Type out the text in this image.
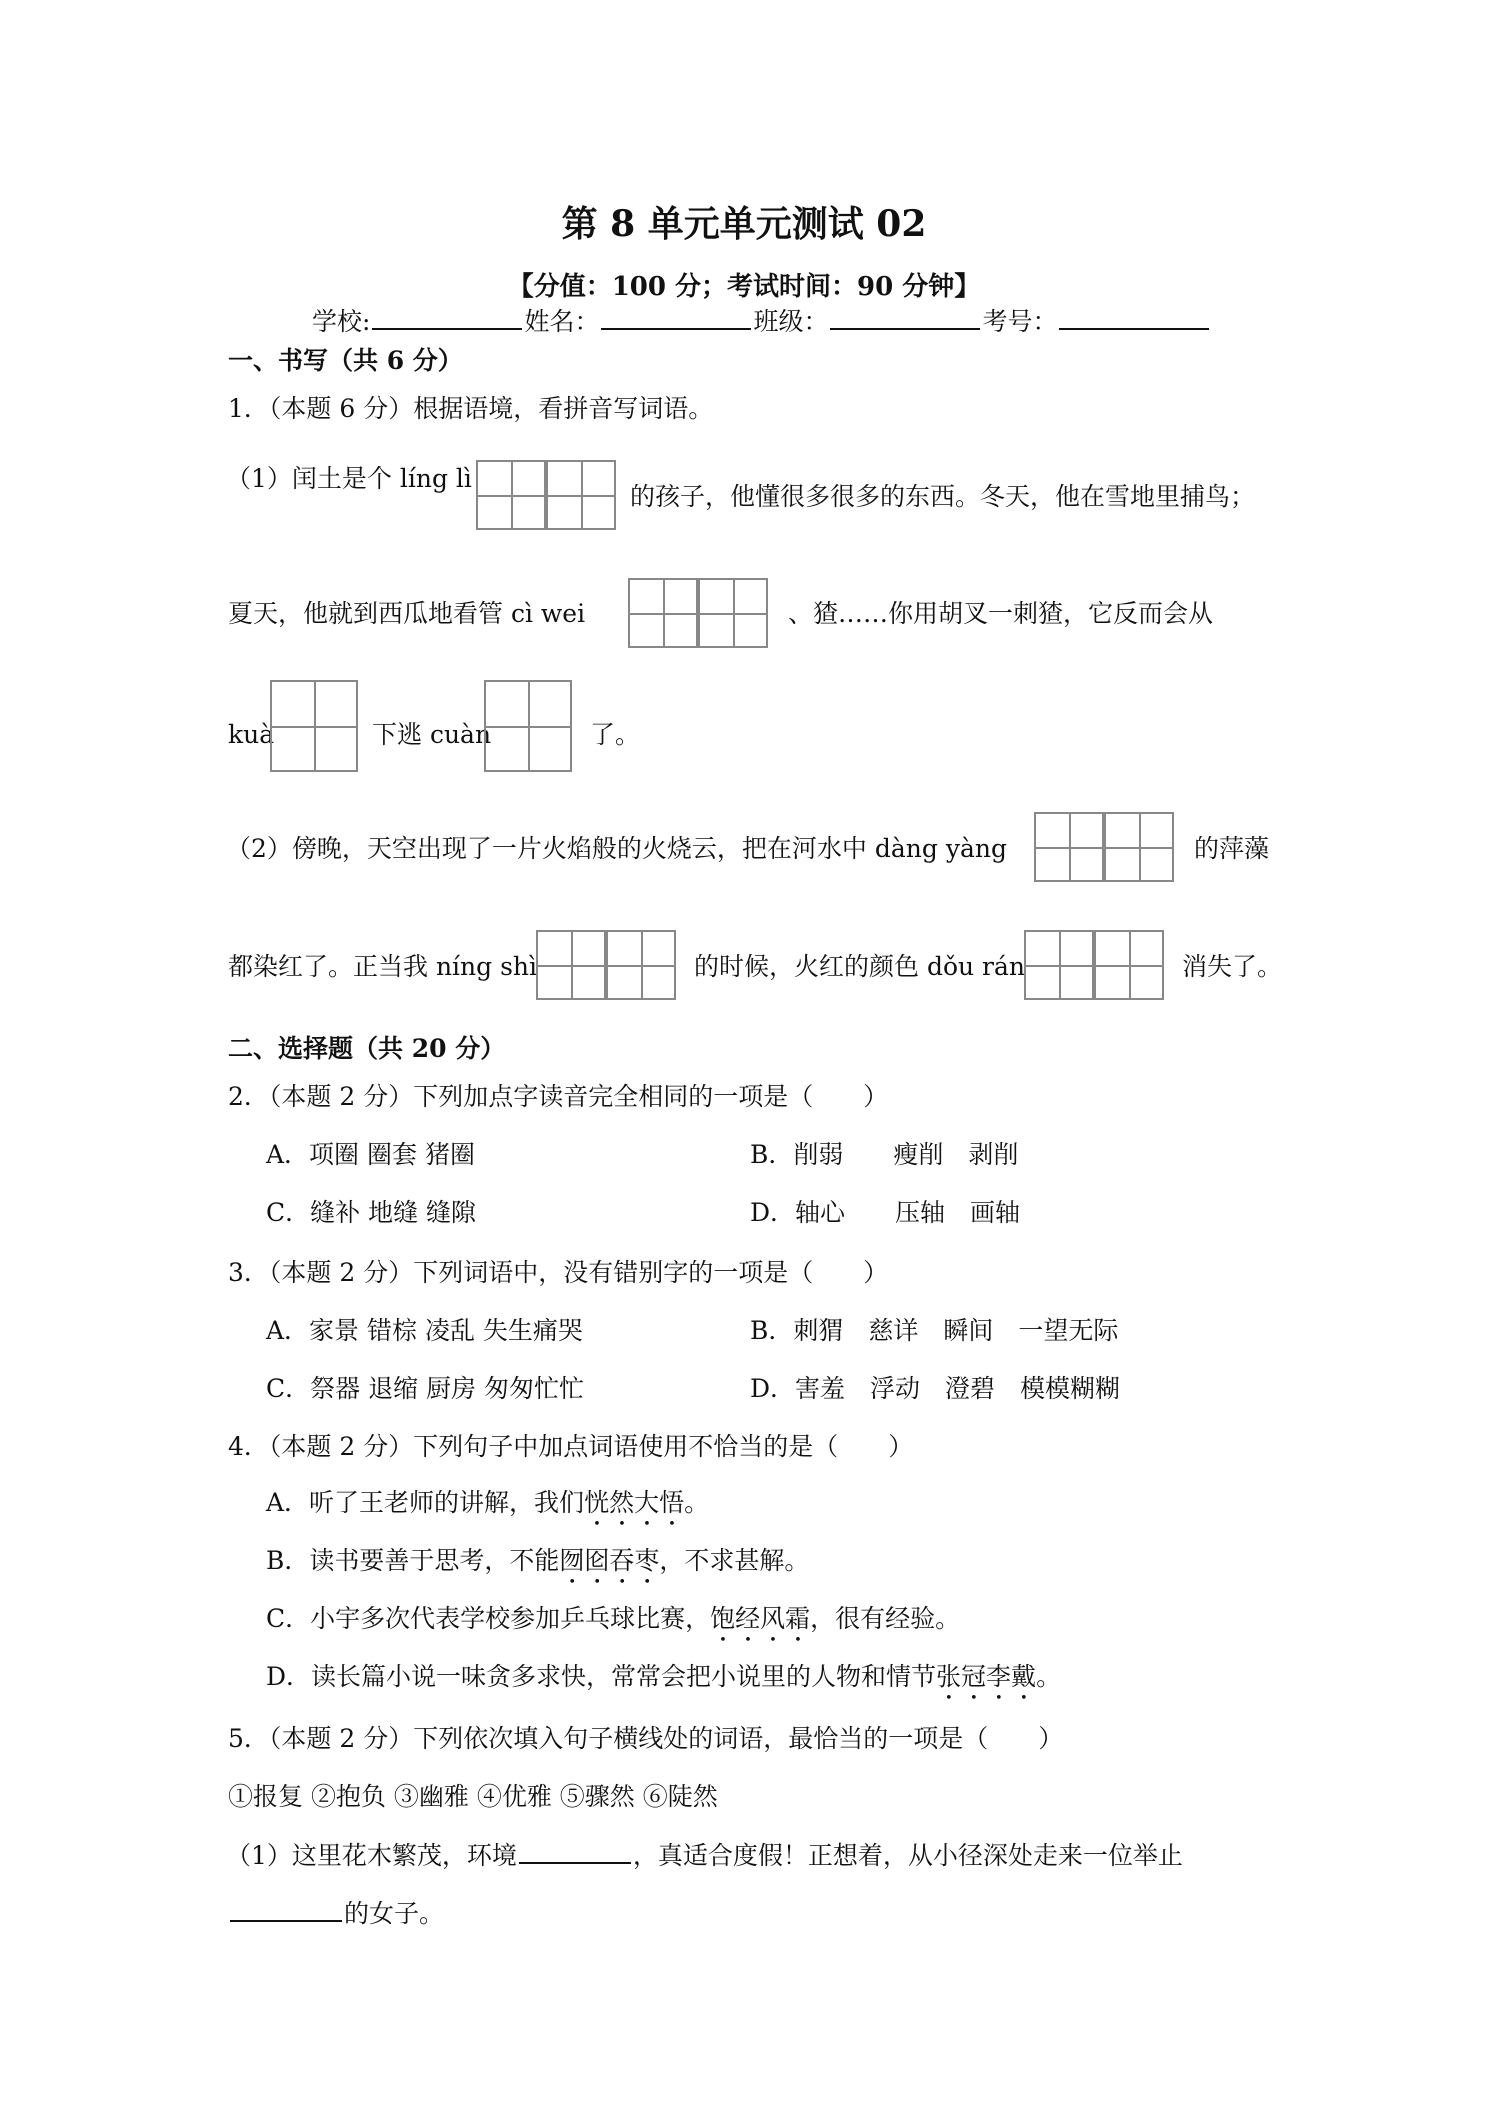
第 8 单元单元测试 02
【分值：100 分；考试时间：90 分钟】
学校:	姓名：	班级：	考号：
一、书写（共 6 分）
1．（本题 6 分）根据语境，看拼音写词语。
（1）闰土是个 líng lì
的孩子，他懂很多很多的东西。冬天，他在雪地里捕鸟；
夏天，他就到西瓜地看管 cì wei	、猹……你用胡叉一刺猹，它反而会从
kuà	下逃 cuàn	了。
（2）傍晚，天空出现了一片火焰般的火烧云，把在河水中 dàng yàng	的萍藻
都染红了。正当我 níng shì	的时候，火红的颜色 dǒu rán	消失了。
二、选择题（共 20 分）
2．（本题 2 分）下列加点字读音完全相同的一项是（　　）
A．项圈 圈套 猪圈	B．削弱　　瘦削　剥削
C．缝补 地缝 缝隙	D．轴心　　压轴　画轴
3．（本题 2 分）下列词语中，没有错别字的一项是（　　）
A．家景 错棕 凌乱 失生痛哭	B．刺猬　慈详　瞬间　一望无际
C．祭器 退缩 厨房 匆匆忙忙	D．害羞　浮动　澄碧　模模糊糊
4．（本题 2 分）下列句子中加点词语使用不恰当的是（　　）
A．听了王老师的讲解，我们恍然大悟。
B．读书要善于思考，不能囫囵吞枣，不求甚解。
C．小宇多次代表学校参加乒乓球比赛，饱经风霜，很有经验。
D．读长篇小说一味贪多求快，常常会把小说里的人物和情节张冠李戴。
5．（本题 2 分）下列依次填入句子横线处的词语，最恰当的一项是（　　）
①报复 ②抱负 ③幽雅 ④优雅 ⑤骤然 ⑥陡然
（1）这里花木繁茂，环境	，真适合度假！正想着，从小径深处走来一位举止
的女子。
